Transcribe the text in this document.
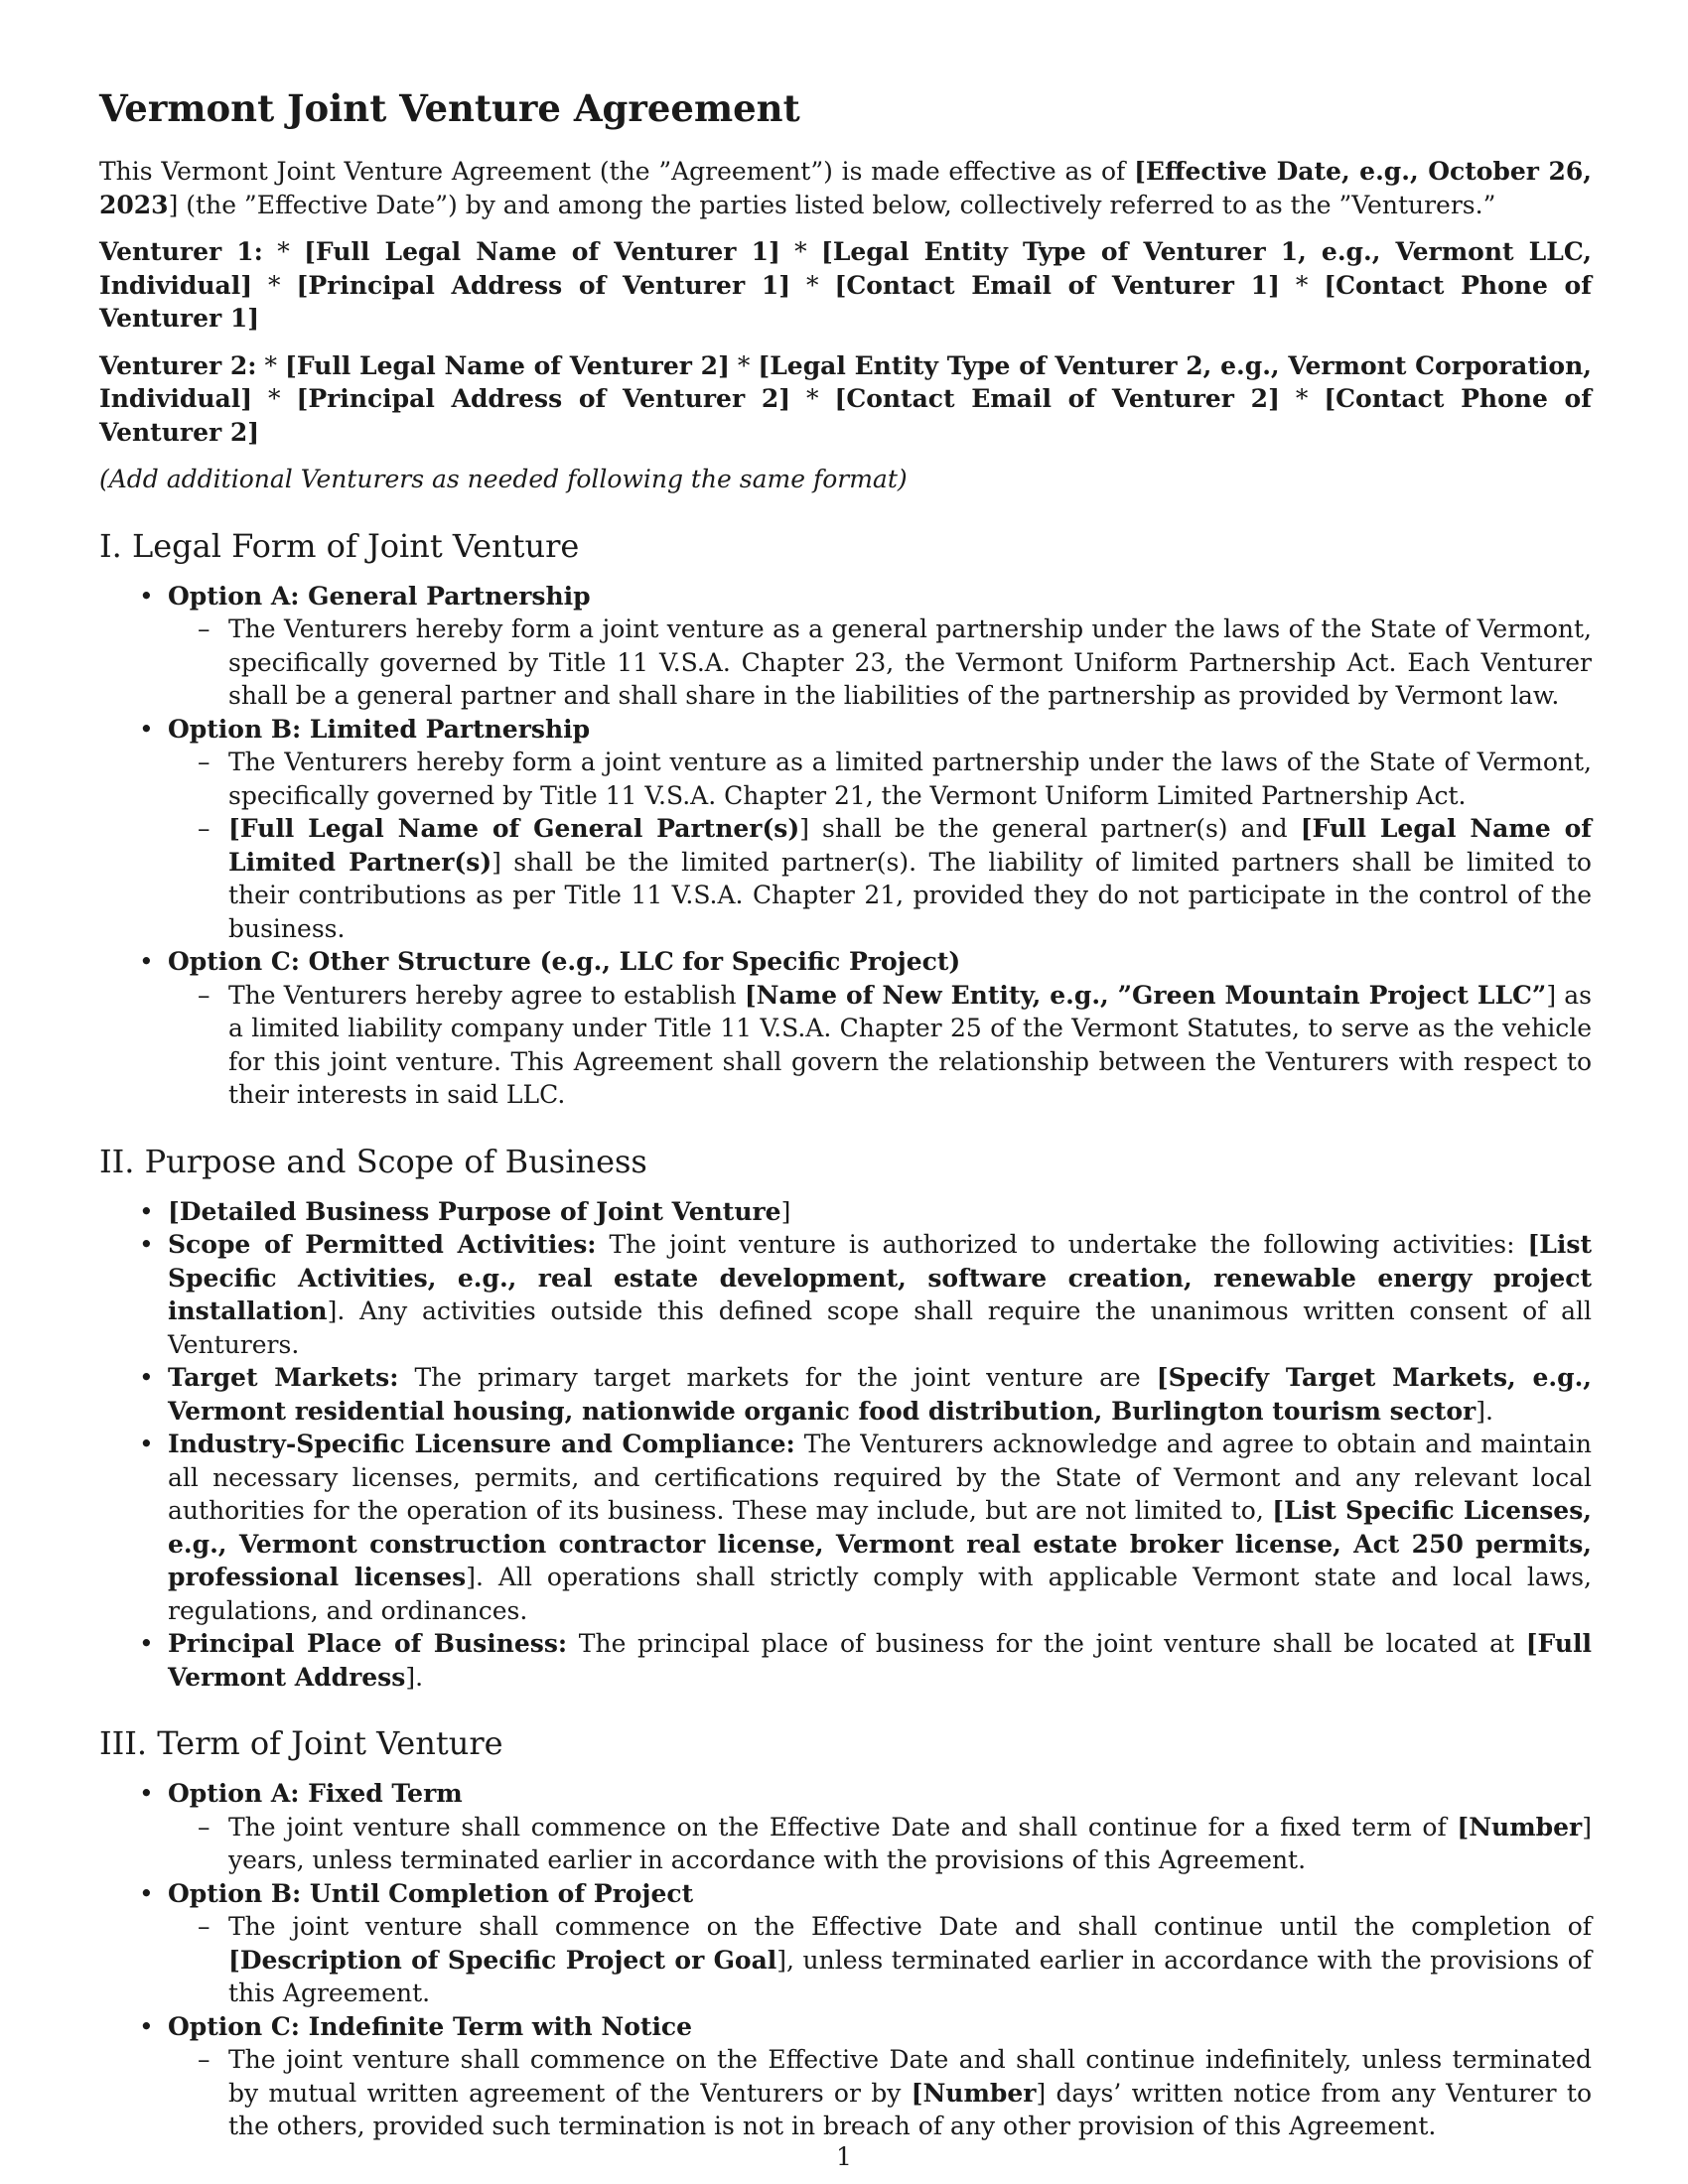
Vermont Joint Venture Agreement

This Vermont Joint Venture Agreement (the ”Agreement”) is made effective as of [Effective Date, e.g., October 26, 2023] (the ”Effective Date”) by and among the parties listed below, collectively referred to as the ”Venturers.”

Venturer 1: * [Full Legal Name of Venturer 1] * [Legal Entity Type of Venturer 1, e.g., Vermont LLC, Individual] * [Principal Address of Venturer 1] * [Contact Email of Venturer 1] * [Contact Phone of Venturer 1]

Venturer 2: * [Full Legal Name of Venturer 2] * [Legal Entity Type of Venturer 2, e.g., Vermont Corporation, Individual] * [Principal Address of Venturer 2] * [Contact Email of Venturer 2] * [Contact Phone of Venturer 2]

(Add additional Venturers as needed following the same format)

I. Legal Form of Joint Venture
• Option A: General Partnership
– The Venturers hereby form a joint venture as a general partnership under the laws of the State of Vermont, specifically governed by Title 11 V.S.A. Chapter 23, the Vermont Uniform Partnership Act. Each Venturer shall be a general partner and shall share in the liabilities of the partnership as provided by Vermont law.
• Option B: Limited Partnership
– The Venturers hereby form a joint venture as a limited partnership under the laws of the State of Vermont, specifically governed by Title 11 V.S.A. Chapter 21, the Vermont Uniform Limited Partnership Act.
– [Full Legal Name of General Partner(s)] shall be the general partner(s) and [Full Legal Name of Limited Partner(s)] shall be the limited partner(s). The liability of limited partners shall be limited to their contributions as per Title 11 V.S.A. Chapter 21, provided they do not participate in the control of the business.
• Option C: Other Structure (e.g., LLC for Specific Project)
– The Venturers hereby agree to establish [Name of New Entity, e.g., ”Green Mountain Project LLC”] as a limited liability company under Title 11 V.S.A. Chapter 25 of the Vermont Statutes, to serve as the vehicle for this joint venture. This Agreement shall govern the relationship between the Venturers with respect to their interests in said LLC.
II. Purpose and Scope of Business
• [Detailed Business Purpose of Joint Venture]
• Scope of Permitted Activities: The joint venture is authorized to undertake the following activities: [List Specific Activities, e.g., real estate development, software creation, renewable energy project installation]. Any activities outside this defined scope shall require the unanimous written consent of all Venturers.
• Target Markets: The primary target markets for the joint venture are [Specify Target Markets, e.g., Vermont residential housing, nationwide organic food distribution, Burlington tourism sector].
• Industry-Specific Licensure and Compliance: The Venturers acknowledge and agree to obtain and maintain all necessary licenses, permits, and certifications required by the State of Vermont and any relevant local authorities for the operation of its business. These may include, but are not limited to, [List Specific Licenses, e.g., Vermont construction contractor license, Vermont real estate broker license, Act 250 permits, professional licenses]. All operations shall strictly comply with applicable Vermont state and local laws, regulations, and ordinances.
• Principal Place of Business: The principal place of business for the joint venture shall be located at [Full Vermont Address].
III. Term of Joint Venture
• Option A: Fixed Term
– The joint venture shall commence on the Effective Date and shall continue for a fixed term of [Number] years, unless terminated earlier in accordance with the provisions of this Agreement.
• Option B: Until Completion of Project
– The joint venture shall commence on the Effective Date and shall continue until the completion of [Description of Specific Project or Goal], unless terminated earlier in accordance with the provisions of this Agreement.
• Option C: Indefinite Term with Notice
– The joint venture shall commence on the Effective Date and shall continue indefinitely, unless terminated by mutual written agreement of the Venturers or by [Number] days’ written notice from any Venturer to the others, provided such termination is not in breach of any other provision of this Agreement.
1
